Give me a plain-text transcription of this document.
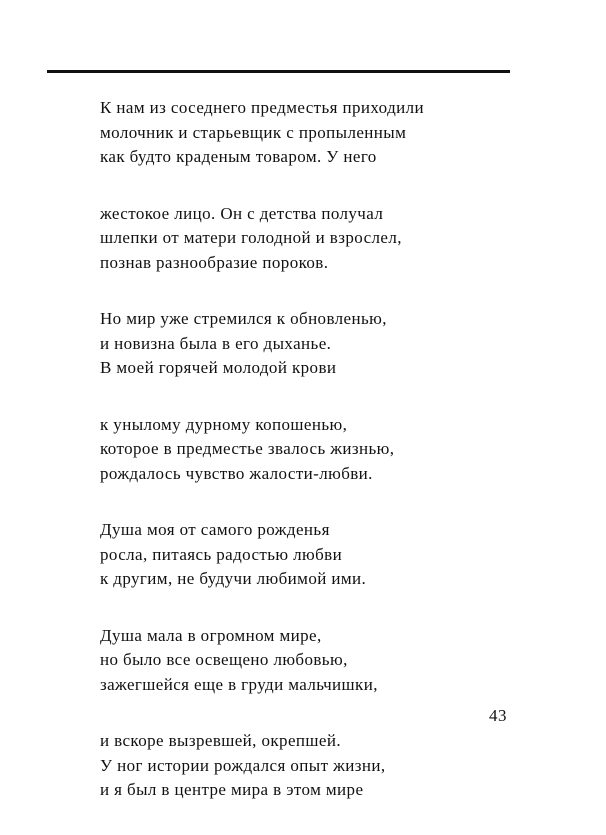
К нам из соседнего предместья приходили
молочник и старьевщик с пропыленным
как будто краденым товаром. У него
жестокое лицо. Он с детства получал
шлепки от матери голодной и взрослел,
познав разнообразие пороков.
Но мир уже стремился к обновленью,
и новизна была в его дыханье.
В моей горячей молодой крови
к унылому дурному копошенью,
которое в предместье звалось жизнью,
рождалось чувство жалости-любви.
Душа моя от самого рожденья
росла, питаясь радостью любви
к другим, не будучи любимой ими.
Душа мала в огромном мире,
но было все освещено любовью,
зажегшейся еще в груди мальчишки,
и вскоре вызревшей, окрепшей.
У ног истории рождался опыт жизни,
и я был в центре мира в этом мире
43
